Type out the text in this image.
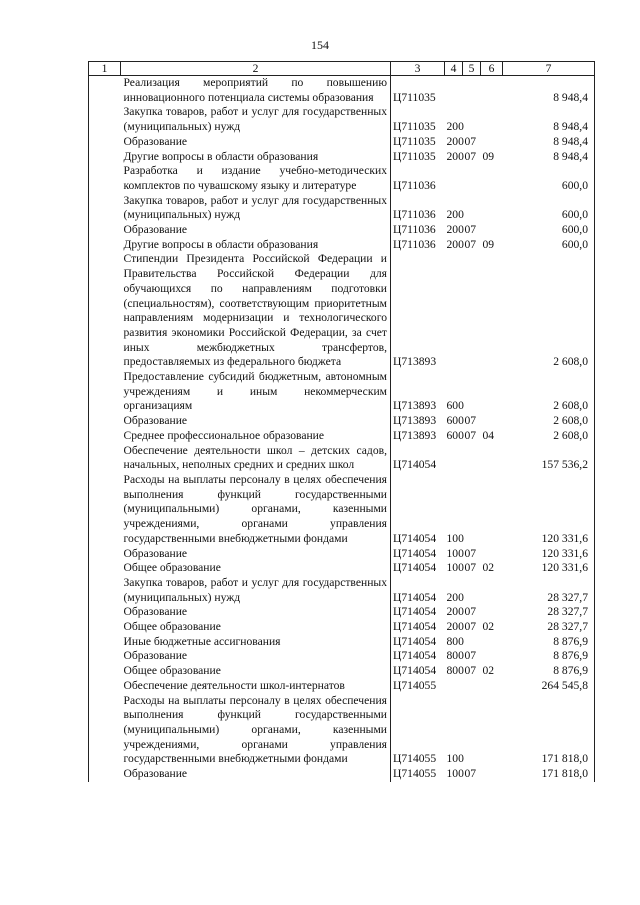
154
1	2	3	4	5	6	7
	Реализация мероприятий по повышению инновационного потенциала системы образования	Ц711035				8 948,4
	Закупка товаров, работ и услуг для государственных (муниципальных) нужд	Ц711035	200			8 948,4
	Образование	Ц711035	200	07		8 948,4
	Другие вопросы в области образования	Ц711035	200	07	09	8 948,4
	Разработка и издание учебно-методических комплектов по чувашскому языку и литературе	Ц711036				600,0
	Закупка товаров, работ и услуг для государственных (муниципальных) нужд	Ц711036	200			600,0
	Образование	Ц711036	200	07		600,0
	Другие вопросы в области образования	Ц711036	200	07	09	600,0
	Стипендии Президента Российской Федерации и Правительства Российской Федерации для обучающихся по направлениям подготовки (специальностям), соответствующим приоритетным направлениям модернизации и технологического развития экономики Российской Федерации, за счет иных межбюджетных трансфертов, предоставляемых из федерального бюджета	Ц713893				2 608,0
	Предоставление субсидий бюджетным, автономным учреждениям и иным некоммерческим организациям	Ц713893	600			2 608,0
	Образование	Ц713893	600	07		2 608,0
	Среднее профессиональное образование	Ц713893	600	07	04	2 608,0
	Обеспечение деятельности школ – детских садов, начальных, неполных средних и средних школ	Ц714054				157 536,2
	Расходы на выплаты персоналу в целях обеспечения выполнения функций государственными (муниципальными) органами, казенными учреждениями, органами управления государственными внебюджетными фондами	Ц714054	100			120 331,6
	Образование	Ц714054	100	07		120 331,6
	Общее образование	Ц714054	100	07	02	120 331,6
	Закупка товаров, работ и услуг для государственных (муниципальных) нужд	Ц714054	200			28 327,7
	Образование	Ц714054	200	07		28 327,7
	Общее образование	Ц714054	200	07	02	28 327,7
	Иные бюджетные ассигнования	Ц714054	800			8 876,9
	Образование	Ц714054	800	07		8 876,9
	Общее образование	Ц714054	800	07	02	8 876,9
	Обеспечение деятельности школ-интернатов	Ц714055				264 545,8
	Расходы на выплаты персоналу в целях обеспечения выполнения функций государственными (муниципальными) органами, казенными учреждениями, органами управления государственными внебюджетными фондами	Ц714055	100			171 818,0
	Образование	Ц714055	100	07		171 818,0
